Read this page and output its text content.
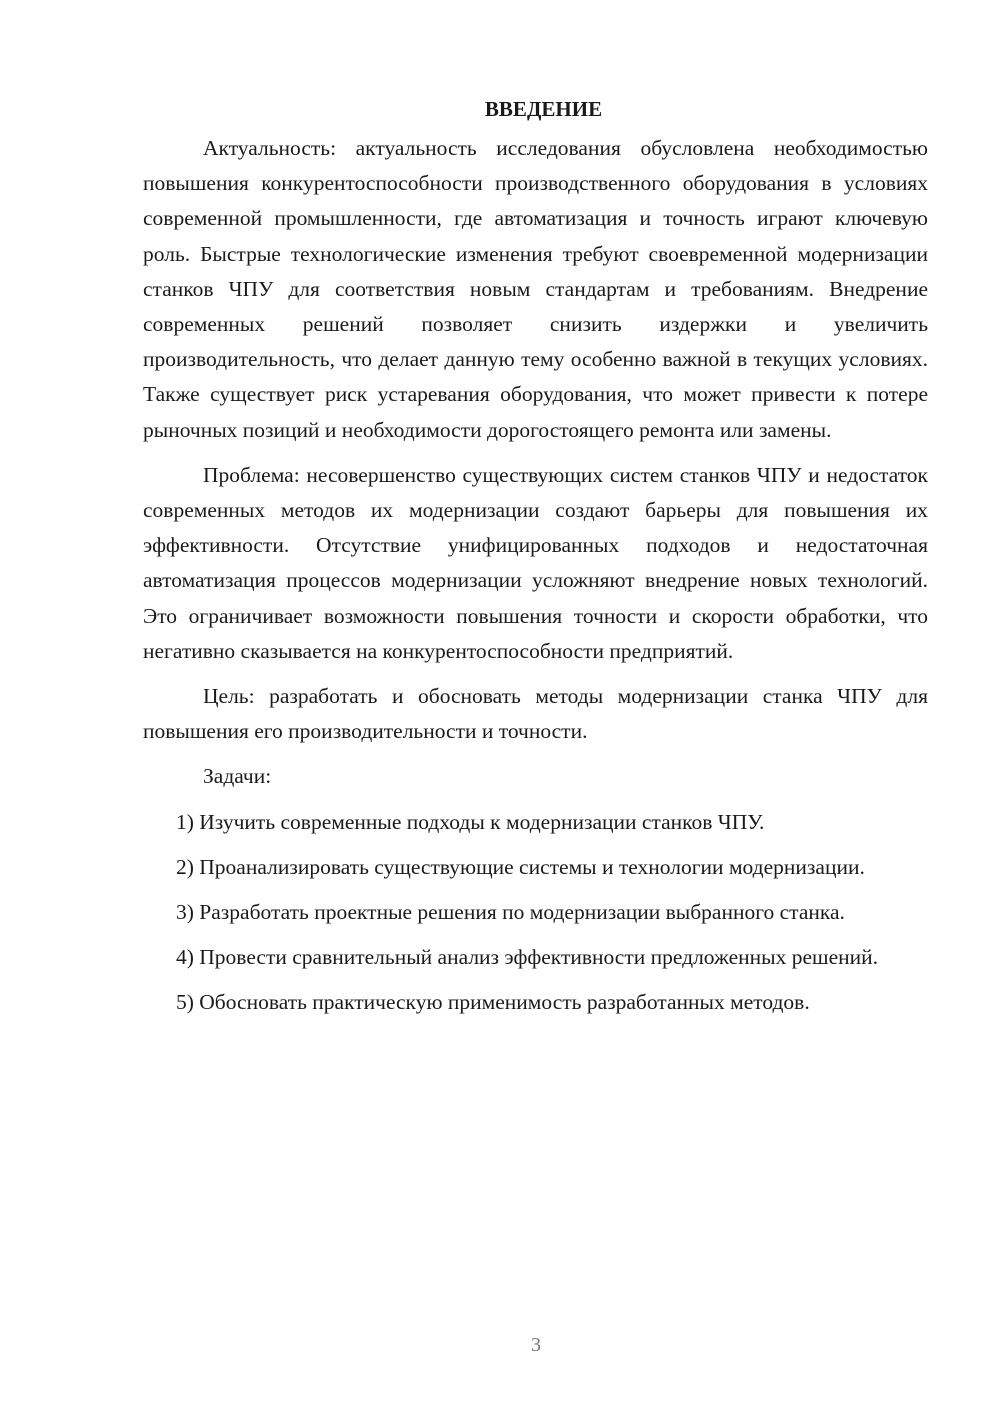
ВВЕДЕНИЕ

Актуальность: актуальность исследования обусловлена необходимостью повышения конкурентоспособности производственного оборудования в условиях современной промышленности, где автоматизация и точность играют ключевую роль. Быстрые технологические изменения требуют своевременной модернизации станков ЧПУ для соответствия новым стандартам и требованиям. Внедрение современных решений позволяет снизить издержки и увеличить производительность, что делает данную тему особенно важной в текущих условиях. Также существует риск устаревания оборудования, что может привести к потере рыночных позиций и необходимости дорогостоящего ремонта или замены.

Проблема: несовершенство существующих систем станков ЧПУ и недостаток современных методов их модернизации создают барьеры для повышения их эффективности. Отсутствие унифицированных подходов и недостаточная автоматизация процессов модернизации усложняют внедрение новых технологий. Это ограничивает возможности повышения точности и скорости обработки, что негативно сказывается на конкурентоспособности предприятий.

Цель: разработать и обосновать методы модернизации станка ЧПУ для повышения его производительности и точности.

Задачи:

1) Изучить современные подходы к модернизации станков ЧПУ.

2) Проанализировать существующие системы и технологии модернизации.

3) Разработать проектные решения по модернизации выбранного станка.

4) Провести сравнительный анализ эффективности предложенных решений.

5) Обосновать практическую применимость разработанных методов.

3
